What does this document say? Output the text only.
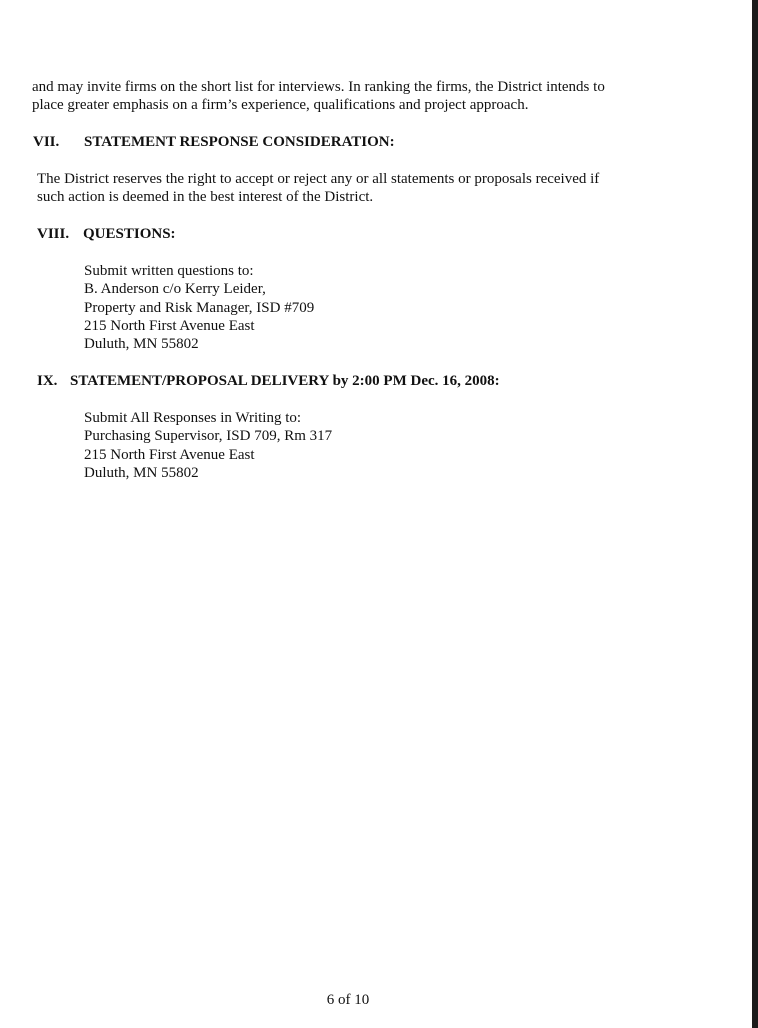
and may invite firms on the short list for interviews. In ranking the firms, the District intends to
place greater emphasis on a firm’s experience, qualifications and project approach.
VII. STATEMENT RESPONSE CONSIDERATION:
The District reserves the right to accept or reject any or all statements or proposals received if
such action is deemed in the best interest of the District.
VIII. QUESTIONS:
Submit written questions to:
B. Anderson c/o Kerry Leider,
Property and Risk Manager, ISD #709
215 North First Avenue East
Duluth, MN 55802
IX. STATEMENT/PROPOSAL DELIVERY by 2:00 PM Dec. 16, 2008:
Submit All Responses in Writing to:
Purchasing Supervisor, ISD 709, Rm 317
215 North First Avenue East
Duluth, MN 55802
6 of 10
